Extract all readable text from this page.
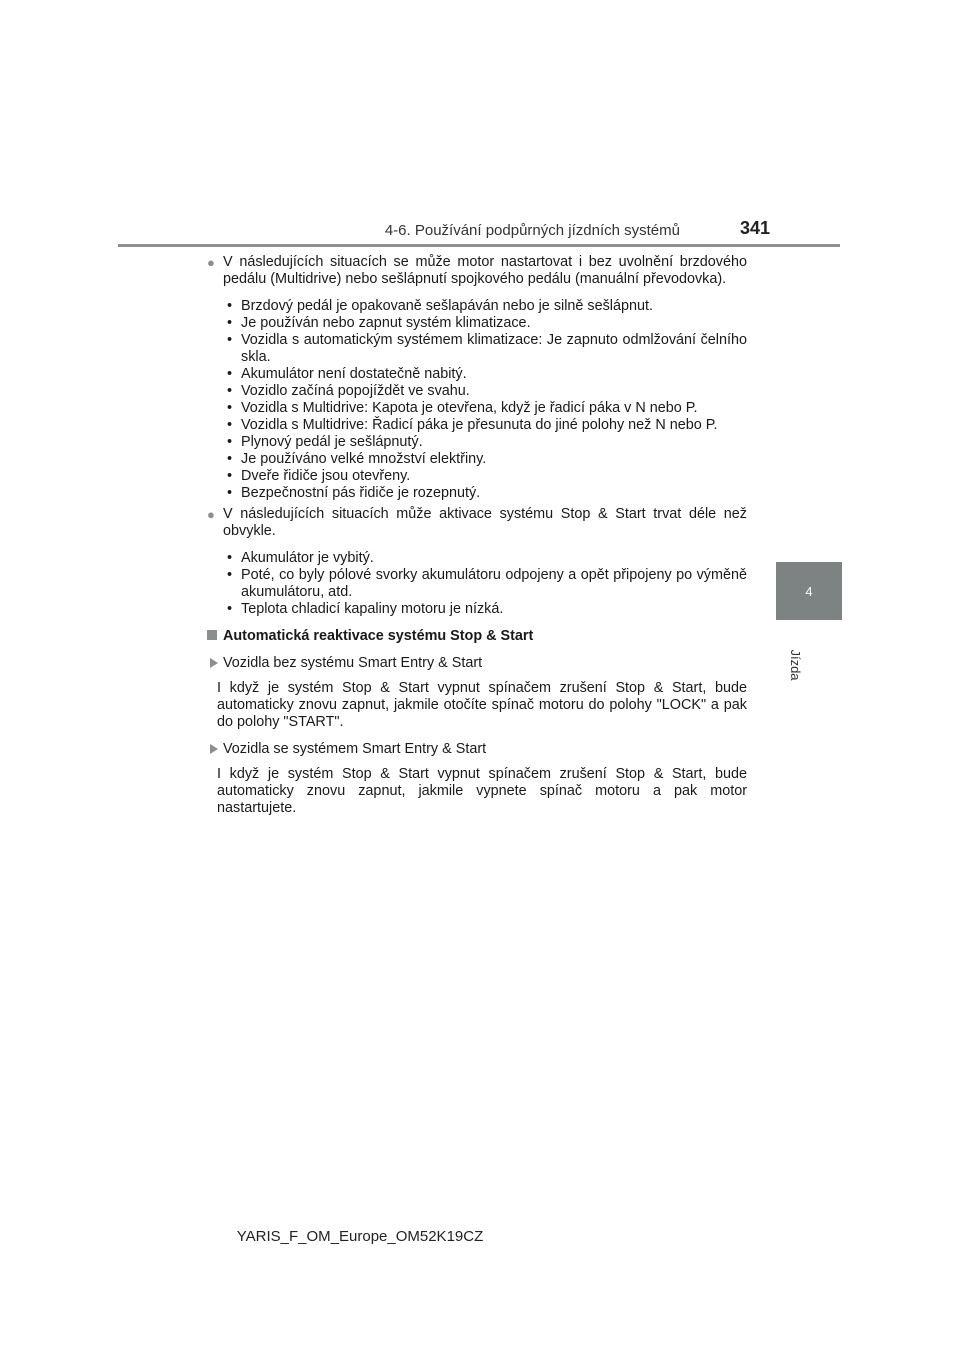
4-6. Používání podpůrných jízdních systémů	341
4
Jízda
● V následujících situacích se může motor nastartovat i bez uvolnění brzdového pedálu (Multidrive) nebo sešlápnutí spojkového pedálu (manuální převodovka).
• Brzdový pedál je opakovaně sešlapáván nebo je silně sešlápnut.
• Je používán nebo zapnut systém klimatizace.
• Vozidla s automatickým systémem klimatizace: Je zapnuto odmlžování čelního skla.
• Akumulátor není dostatečně nabitý.
• Vozidlo začíná popojíždět ve svahu.
• Vozidla s Multidrive: Kapota je otevřena, když je řadicí páka v N nebo P.
• Vozidla s Multidrive: Řadicí páka je přesunuta do jiné polohy než N nebo P.
• Plynový pedál je sešlápnutý.
• Je používáno velké množství elektřiny.
• Dveře řidiče jsou otevřeny.
• Bezpečnostní pás řidiče je rozepnutý.
● V následujících situacích může aktivace systému Stop & Start trvat déle než obvykle.
• Akumulátor je vybitý.
• Poté, co byly pólové svorky akumulátoru odpojeny a opět připojeny po výměně akumulátoru, atd.
• Teplota chladicí kapaliny motoru je nízká.
Automatická reaktivace systému Stop & Start
Vozidla bez systému Smart Entry & Start

I když je systém Stop & Start vypnut spínačem zrušení Stop & Start, bude automaticky znovu zapnut, jakmile otočíte spínač motoru do polohy "LOCK" a pak do polohy "START".

Vozidla se systémem Smart Entry & Start

I když je systém Stop & Start vypnut spínačem zrušení Stop & Start, bude automaticky znovu zapnut, jakmile vypnete spínač motoru a pak motor nastartujete.

YARIS_F_OM_Europe_OM52K19CZ
